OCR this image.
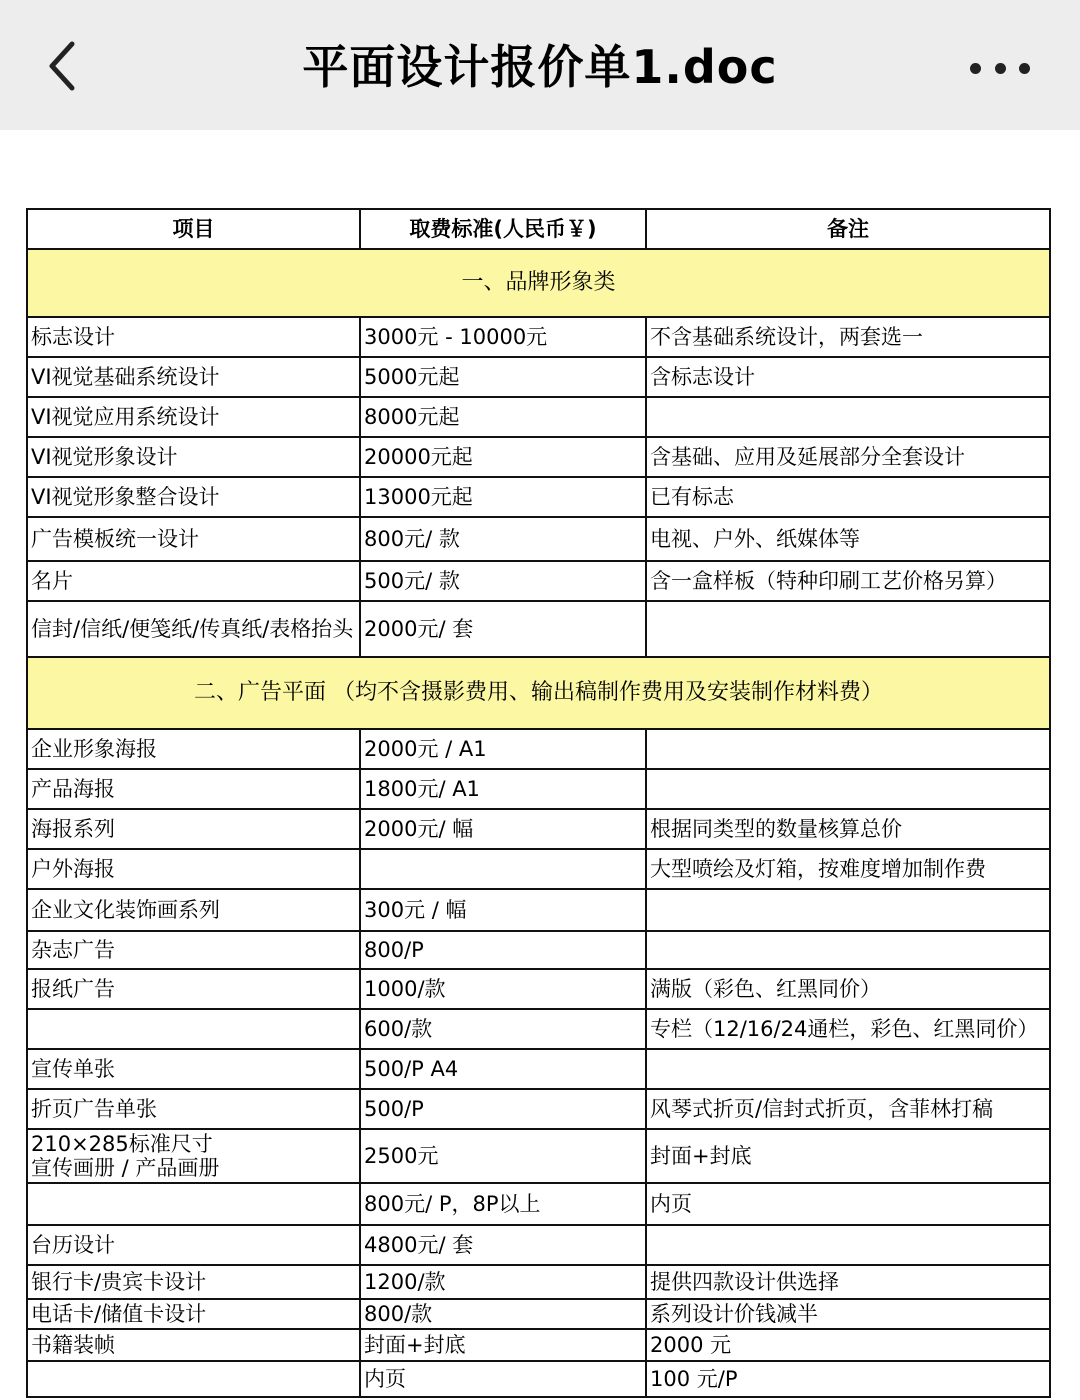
平面设计报价单1.doc
项目	取费标准(人民币￥)	备注
一、品牌形象类		
标志设计	3000元 - 10000元	不含基础系统设计，两套选一
VI视觉基础系统设计	5000元起	含标志设计
VI视觉应用系统设计	8000元起	
VI视觉形象设计	20000元起	含基础、应用及延展部分全套设计
VI视觉形象整合设计	13000元起	已有标志
广告模板统一设计	800元/ 款	电视、户外、纸媒体等
名片	500元/ 款	含一盒样板（特种印刷工艺价格另算）
信封/信纸/便笺纸/传真纸/表格抬头	2000元/ 套	
二、广告平面 （均不含摄影费用、输出稿制作费用及安装制作材料费）		
企业形象海报	2000元 / A1	
产品海报	1800元/ A1	
海报系列	2000元/ 幅	根据同类型的数量核算总价
户外海报		大型喷绘及灯箱，按难度增加制作费
企业文化装饰画系列	300元 / 幅	
杂志广告	800/P	
报纸广告	1000/款	满版（彩色、红黑同价）
	600/款	专栏（12/16/24通栏，彩色、红黑同价）
宣传单张	500/P A4	
折页广告单张	500/P	风琴式折页/信封式折页，含菲林打稿
210×285标准尺寸
宣传画册 / 产品画册	2500元	封面+封底
	800元/ P，8P以上	内页
台历设计	4800元/ 套	
银行卡/贵宾卡设计	1200/款	提供四款设计供选择
电话卡/储值卡设计	800/款	系列设计价钱减半
书籍装帧	封面+封底	2000 元
	内页	100 元/P
